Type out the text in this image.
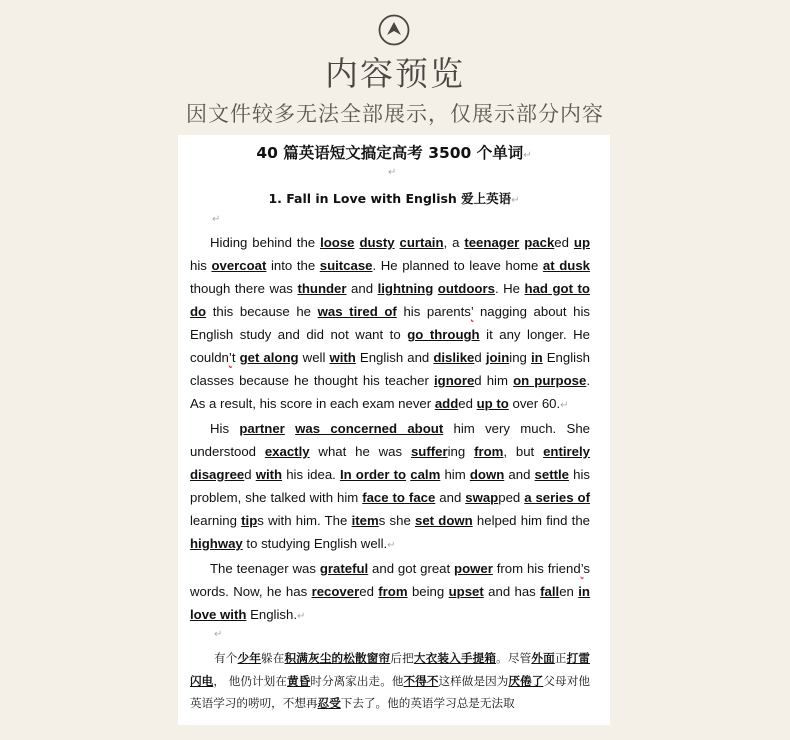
内容预览
因文件较多无法全部展示，仅展示部分内容
40 篇英语短文搞定高考 3500 个单词↵
↵
1. Fall in Love with English 爱上英语↵
↵

Hiding behind the loose dusty curtain, a teenager packed up his overcoat into the suitcase. He planned to leave home at dusk though there was thunder and lightning outdoors. He had got to do this because he was tired of his parents’ nagging about his English study and did not want to go through it any longer. He couldn’t get along well with English and disliked joining in English classes because he thought his teacher ignored him on purpose. As a result, his score in each exam never added up to over 60.↵

His partner was concerned about him very much. She understood exactly what he was suffering from, but entirely disagreed with his idea. In order to calm him down and settle his problem, she talked with him face to face and swapped a series of learning tips with him. The items she set down helped him find the highway to studying English well.↵

The teenager was grateful and got great power from his friend’s words. Now, he has recovered from being upset and has fallen in love with English.↵

↵

有个少年躲在积满灰尘的松散窗帘后把大衣装入手提箱。尽管外面正打雷闪电， 他仍计划在黄昏时分离家出走。他不得不这样做是因为厌倦了父母对他英语学习的唠叨，不想再忍受下去了。他的英语学习总是无法取
